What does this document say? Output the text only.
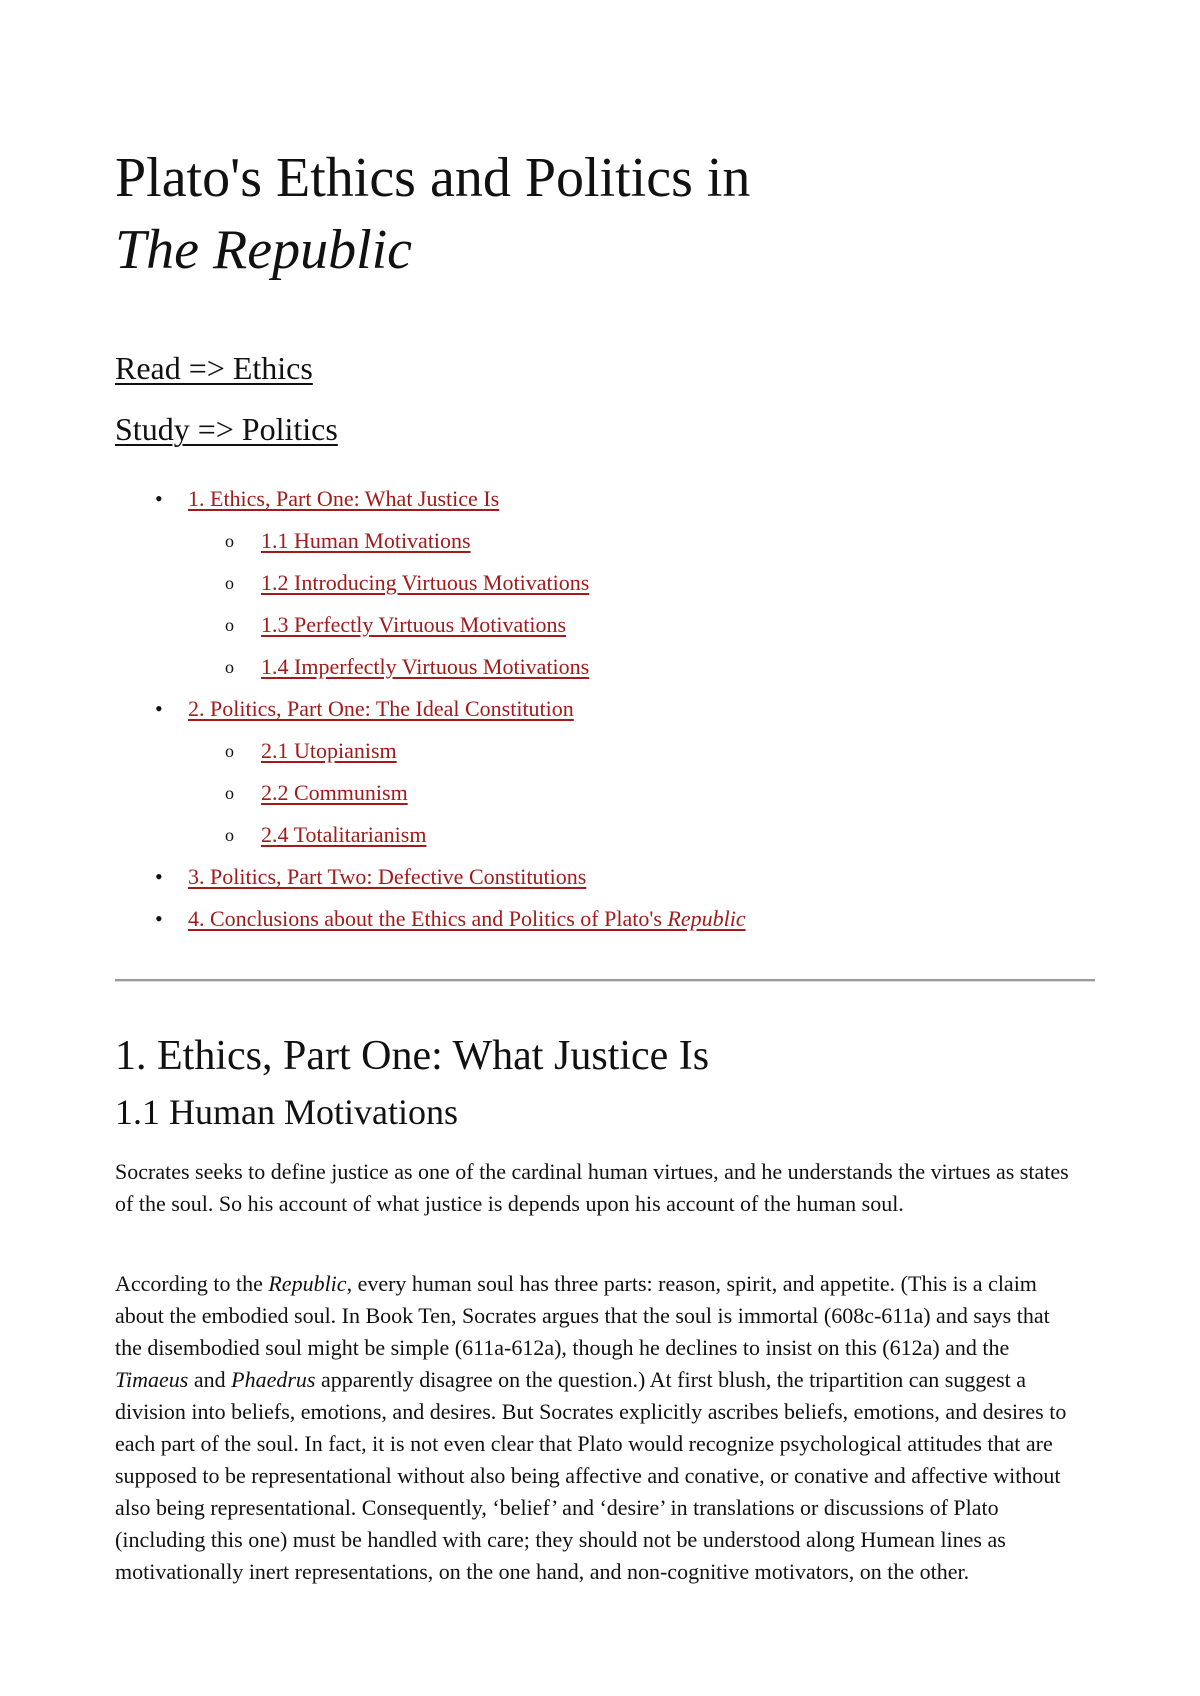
Plato's Ethics and Politics in
The Republic
Read => Ethics
Study => Politics
• 1. Ethics, Part One: What Justice Is
o 1.1 Human Motivations
o 1.2 Introducing Virtuous Motivations
o 1.3 Perfectly Virtuous Motivations
o 1.4 Imperfectly Virtuous Motivations
• 2. Politics, Part One: The Ideal Constitution
o 2.1 Utopianism
o 2.2 Communism
o 2.4 Totalitarianism
• 3. Politics, Part Two: Defective Constitutions
• 4. Conclusions about the Ethics and Politics of Plato's Republic
1. Ethics, Part One: What Justice Is
1.1 Human Motivations

Socrates seeks to define justice as one of the cardinal human virtues, and he understands the virtues as states of the soul. So his account of what justice is depends upon his account of the human soul.

According to the Republic, every human soul has three parts: reason, spirit, and appetite. (This is a claim about the embodied soul. In Book Ten, Socrates argues that the soul is immortal (608c-611a) and says that the disembodied soul might be simple (611a-612a), though he declines to insist on this (612a) and the Timaeus and Phaedrus apparently disagree on the question.) At first blush, the tripartition can suggest a division into beliefs, emotions, and desires. But Socrates explicitly ascribes beliefs, emotions, and desires to each part of the soul. In fact, it is not even clear that Plato would recognize psychological attitudes that are supposed to be representational without also being affective and conative, or conative and affective without also being representational. Consequently, ‘belief’ and ‘desire’ in translations or discussions of Plato (including this one) must be handled with care; they should not be understood along Humean lines as motivationally inert representations, on the one hand, and non-cognitive motivators, on the other.
